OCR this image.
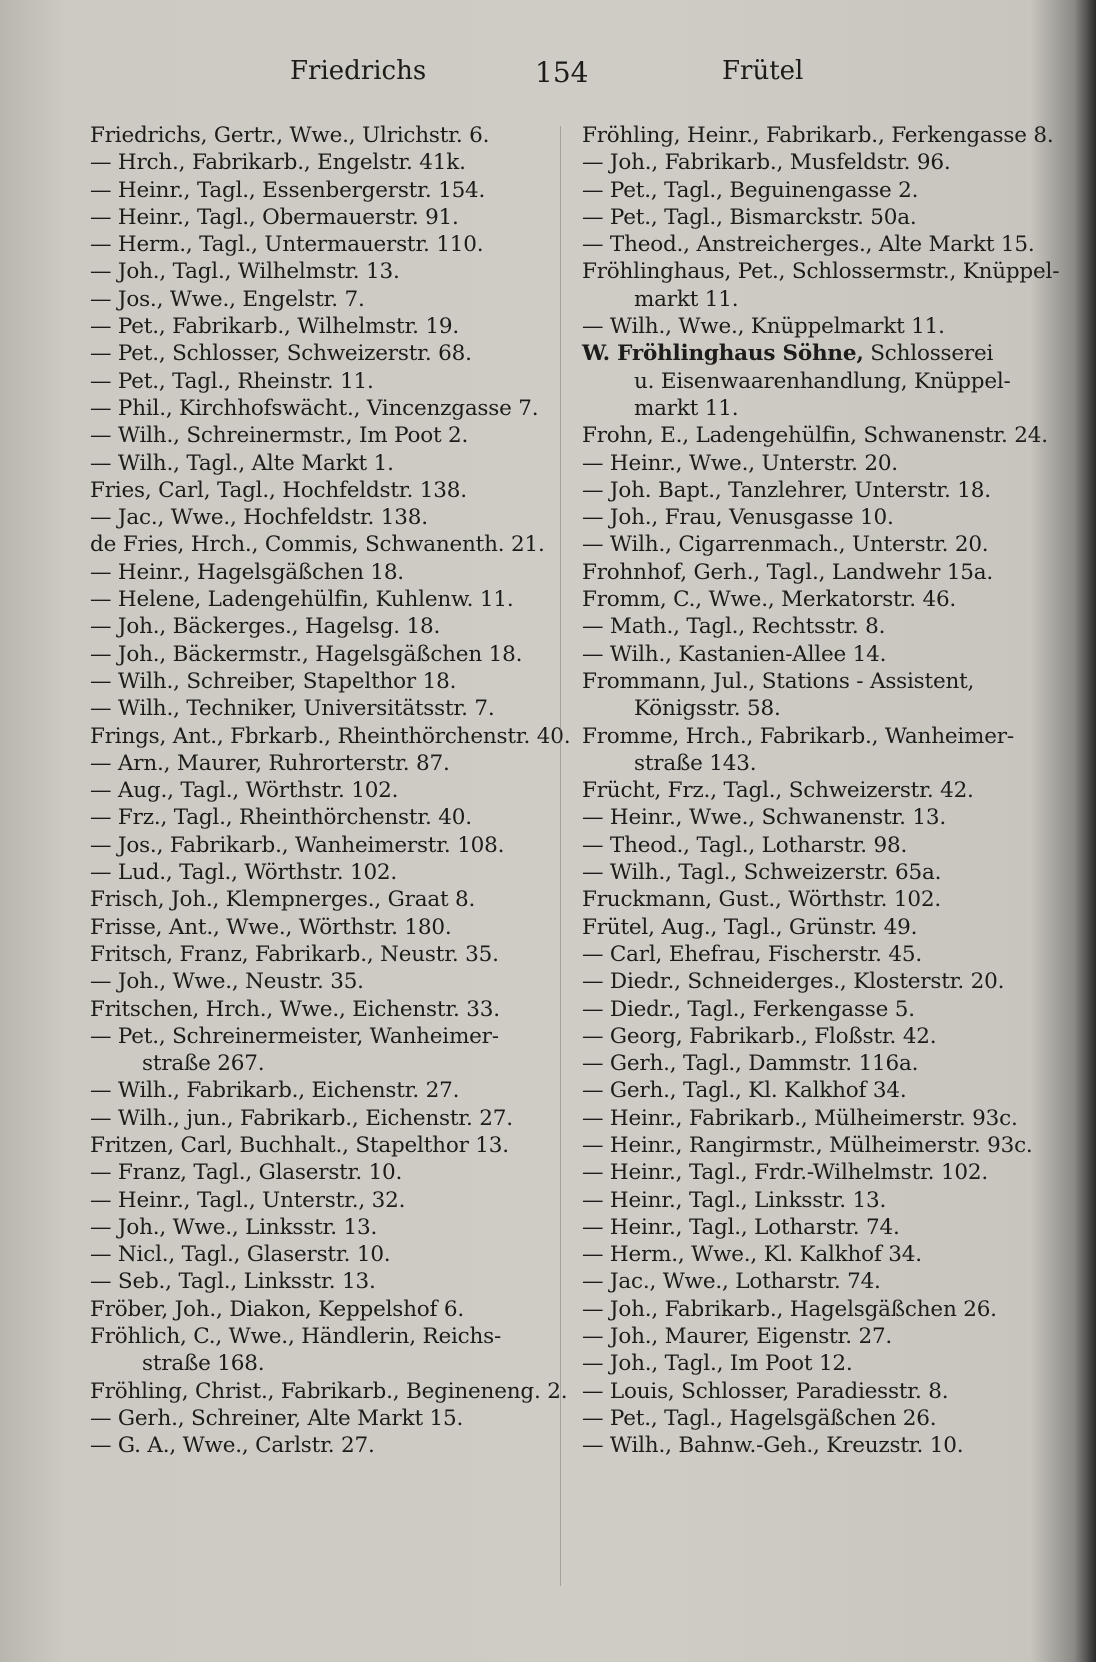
Friedrichs	154	Frütel
Friedrichs, Gertr., Wwe., Ulrichstr. 6.
— Hrch., Fabrikarb., Engelstr. 41k.
— Heinr., Tagl., Essenbergerstr. 154.
— Heinr., Tagl., Obermauerstr. 91.
— Herm., Tagl., Untermauerstr. 110.
— Joh., Tagl., Wilhelmstr. 13.
— Jos., Wwe., Engelstr. 7.
— Pet., Fabrikarb., Wilhelmstr. 19.
— Pet., Schlosser, Schweizerstr. 68.
— Pet., Tagl., Rheinstr. 11.
— Phil., Kirchhofswächt., Vincenzgasse 7.
— Wilh., Schreinermstr., Im Poot 2.
— Wilh., Tagl., Alte Markt 1.
Fries, Carl, Tagl., Hochfeldstr. 138.
— Jac., Wwe., Hochfeldstr. 138.
de Fries, Hrch., Commis, Schwanenth. 21.
— Heinr., Hagelsgäßchen 18.
— Helene, Ladengehülfin, Kuhlenw. 11.
— Joh., Bäckerges., Hagelsg. 18.
— Joh., Bäckermstr., Hagelsgäßchen 18.
— Wilh., Schreiber, Stapelthor 18.
— Wilh., Techniker, Universitätsstr. 7.
Frings, Ant., Fbrkarb., Rheinthörchenstr. 40.
— Arn., Maurer, Ruhrorterstr. 87.
— Aug., Tagl., Wörthstr. 102.
— Frz., Tagl., Rheinthörchenstr. 40.
— Jos., Fabrikarb., Wanheimerstr. 108.
— Lud., Tagl., Wörthstr. 102.
Frisch, Joh., Klempnerges., Graat 8.
Frisse, Ant., Wwe., Wörthstr. 180.
Fritsch, Franz, Fabrikarb., Neustr. 35.
— Joh., Wwe., Neustr. 35.
Fritschen, Hrch., Wwe., Eichenstr. 33.
— Pet., Schreinermeister, Wanheimer-
straße 267.
— Wilh., Fabrikarb., Eichenstr. 27.
— Wilh., jun., Fabrikarb., Eichenstr. 27.
Fritzen, Carl, Buchhalt., Stapelthor 13.
— Franz, Tagl., Glaserstr. 10.
— Heinr., Tagl., Unterstr., 32.
— Joh., Wwe., Linksstr. 13.
— Nicl., Tagl., Glaserstr. 10.
— Seb., Tagl., Linksstr. 13.
Fröber, Joh., Diakon, Keppelshof 6.
Fröhlich, C., Wwe., Händlerin, Reichs-
straße 168.
Fröhling, Christ., Fabrikarb., Begineneng. 2.
— Gerh., Schreiner, Alte Markt 15.
— G. A., Wwe., Carlstr. 27.
Fröhling, Heinr., Fabrikarb., Ferkengasse 8.
— Joh., Fabrikarb., Musfeldstr. 96.
— Pet., Tagl., Beguinengasse 2.
— Pet., Tagl., Bismarckstr. 50a.
— Theod., Anstreicherges., Alte Markt 15.
Fröhlinghaus, Pet., Schlossermstr., Knüppel-
markt 11.
— Wilh., Wwe., Knüppelmarkt 11.
W. Fröhlinghaus Söhne, Schlosserei
u. Eisenwaarenhandlung, Knüppel-
markt 11.
Frohn, E., Ladengehülfin, Schwanenstr. 24.
— Heinr., Wwe., Unterstr. 20.
— Joh. Bapt., Tanzlehrer, Unterstr. 18.
— Joh., Frau, Venusgasse 10.
— Wilh., Cigarrenmach., Unterstr. 20.
Frohnhof, Gerh., Tagl., Landwehr 15a.
Fromm, C., Wwe., Merkatorstr. 46.
— Math., Tagl., Rechtsstr. 8.
— Wilh., Kastanien-Allee 14.
Frommann, Jul., Stations - Assistent,
Königsstr. 58.
Fromme, Hrch., Fabrikarb., Wanheimer-
straße 143.
Frücht, Frz., Tagl., Schweizerstr. 42.
— Heinr., Wwe., Schwanenstr. 13.
— Theod., Tagl., Lotharstr. 98.
— Wilh., Tagl., Schweizerstr. 65a.
Fruckmann, Gust., Wörthstr. 102.
Frütel, Aug., Tagl., Grünstr. 49.
— Carl, Ehefrau, Fischerstr. 45.
— Diedr., Schneiderges., Klosterstr. 20.
— Diedr., Tagl., Ferkengasse 5.
— Georg, Fabrikarb., Floßstr. 42.
— Gerh., Tagl., Dammstr. 116a.
— Gerh., Tagl., Kl. Kalkhof 34.
— Heinr., Fabrikarb., Mülheimerstr. 93c.
— Heinr., Rangirmstr., Mülheimerstr. 93c.
— Heinr., Tagl., Frdr.-Wilhelmstr. 102.
— Heinr., Tagl., Linksstr. 13.
— Heinr., Tagl., Lotharstr. 74.
— Herm., Wwe., Kl. Kalkhof 34.
— Jac., Wwe., Lotharstr. 74.
— Joh., Fabrikarb., Hagelsgäßchen 26.
— Joh., Maurer, Eigenstr. 27.
— Joh., Tagl., Im Poot 12.
— Louis, Schlosser, Paradiesstr. 8.
— Pet., Tagl., Hagelsgäßchen 26.
— Wilh., Bahnw.-Geh., Kreuzstr. 10.
